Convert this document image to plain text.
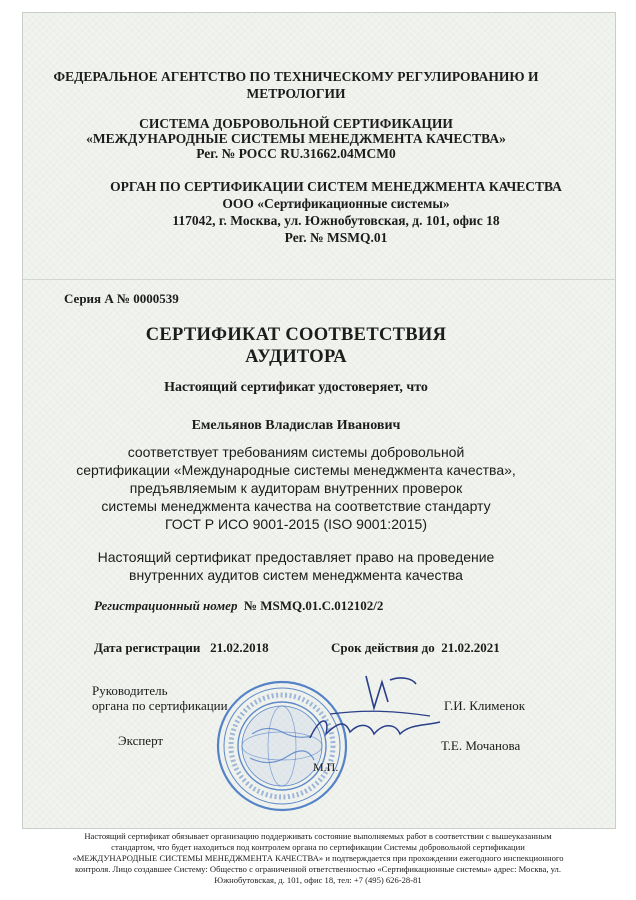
ФЕДЕРАЛЬНОЕ АГЕНТСТВО ПО ТЕХНИЧЕСКОМУ РЕГУЛИРОВАНИЮ И
МЕТРОЛОГИИ
СИСТЕМА ДОБРОВОЛЬНОЙ СЕРТИФИКАЦИИ
«МЕЖДУНАРОДНЫЕ СИСТЕМЫ МЕНЕДЖМЕНТА КАЧЕСТВА»
Рег. № РОСС RU.31662.04МСМ0
ОРГАН ПО СЕРТИФИКАЦИИ СИСТЕМ МЕНЕДЖМЕНТА КАЧЕСТВА
ООО «Сертификационные системы»
117042, г. Москва, ул. Южнобутовская, д. 101, офис 18
Рег. № MSMQ.01
Серия А № 0000539
СЕРТИФИКАТ СООТВЕТСТВИЯ
АУДИТОРА
Настоящий сертификат удостоверяет, что
Емельянов Владислав Иванович
соответствует требованиям системы добровольной
сертификации «Международные системы менеджмента качества»,
предъявляемым к аудиторам внутренних проверок
системы менеджмента качества на соответствие стандарту
ГОСТ Р ИСО 9001-2015 (ISO 9001:2015)
Настоящий сертификат предоставляет право на проведение
внутренних аудитов систем менеджмента качества
Регистрационный номер № MSMQ.01.С.012102/2
Дата регистрации 21.02.2018	Срок действия до 21.02.2021
Руководитель
органа по сертификации
Эксперт
Г.И. Клименок
Т.Е. Мочанова
М.П.
Настоящий сертификат обязывает организацию поддерживать состояние выполняемых работ в соответствии с вышеуказанным
стандартом, что будет находиться под контролем органа по сертификации Системы добровольной сертификации
«МЕЖДУНАРОДНЫЕ СИСТЕМЫ МЕНЕДЖМЕНТА КАЧЕСТВА» и подтверждается при прохождении ежегодного инспекционного
контроля. Лицо создавшее Систему: Общество с ограниченной ответственностью «Сертификационные системы» адрес: Москва, ул.
Южнобутовская, д. 101, офис 18, тел: +7 (495) 626-28-81
